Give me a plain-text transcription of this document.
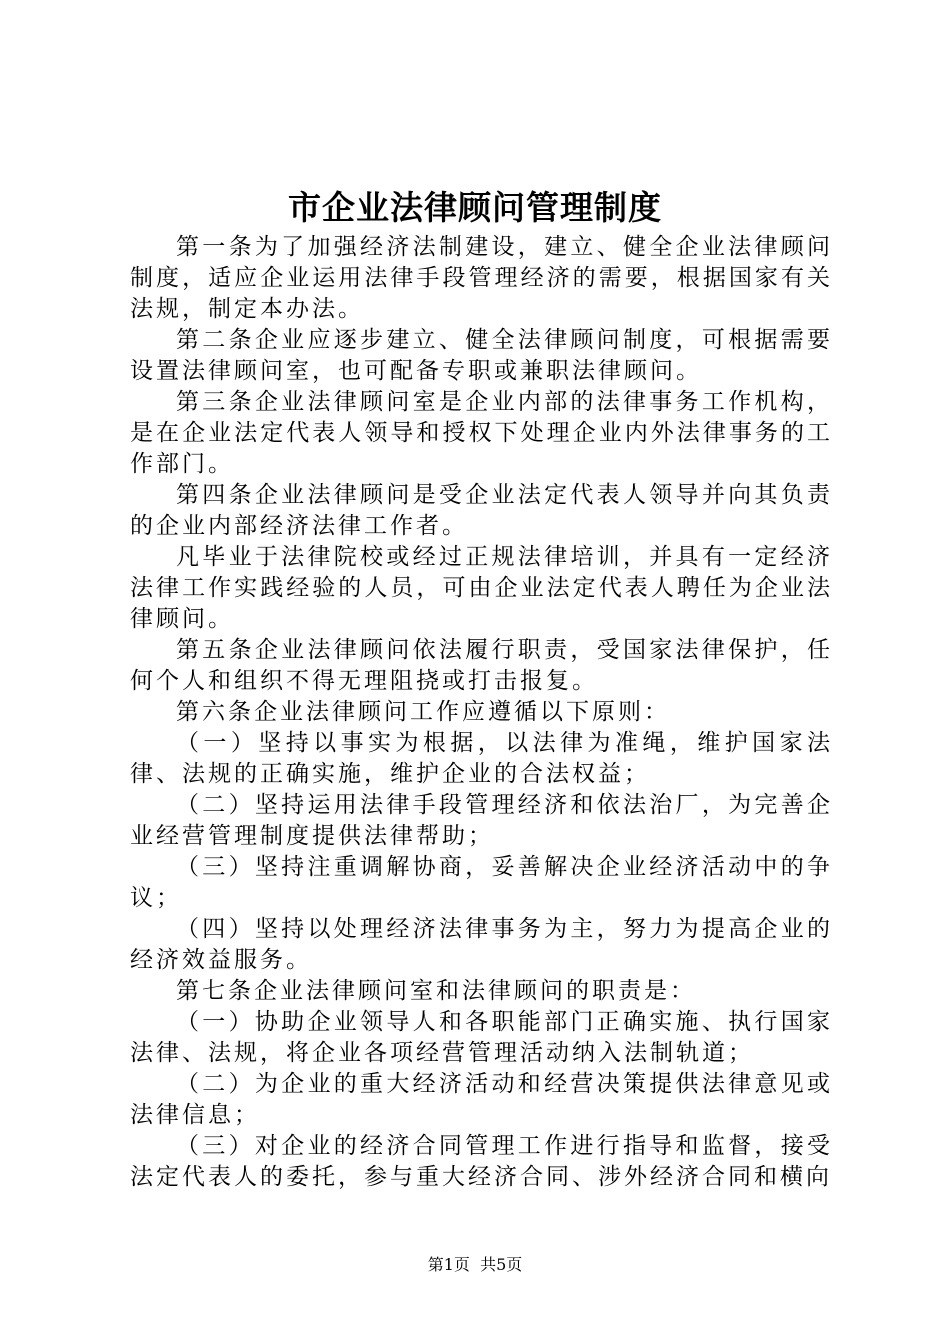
市企业法律顾问管理制度

第一条为了加强经济法制建设，建立、健全企业法律顾问制度，适应企业运用法律手段管理经济的需要，根据国家有关法规，制定本办法。

第二条企业应逐步建立、健全法律顾问制度，可根据需要设置法律顾问室，也可配备专职或兼职法律顾问。

第三条企业法律顾问室是企业内部的法律事务工作机构，是在企业法定代表人领导和授权下处理企业内外法律事务的工作部门。

第四条企业法律顾问是受企业法定代表人领导并向其负责的企业内部经济法律工作者。

凡毕业于法律院校或经过正规法律培训，并具有一定经济法律工作实践经验的人员，可由企业法定代表人聘任为企业法律顾问。

第五条企业法律顾问依法履行职责，受国家法律保护，任何个人和组织不得无理阻挠或打击报复。

第六条企业法律顾问工作应遵循以下原则：

（一）坚持以事实为根据，以法律为准绳，维护国家法律、法规的正确实施，维护企业的合法权益；

（二）坚持运用法律手段管理经济和依法治厂，为完善企业经营管理制度提供法律帮助；

（三）坚持注重调解协商，妥善解决企业经济活动中的争议；

（四）坚持以处理经济法律事务为主，努力为提高企业的经济效益服务。

第七条企业法律顾问室和法律顾问的职责是：

（一）协助企业领导人和各职能部门正确实施、执行国家法律、法规，将企业各项经营管理活动纳入法制轨道；

（二）为企业的重大经济活动和经营决策提供法律意见或法律信息；

（三）对企业的经济合同管理工作进行指导和监督，接受法定代表人的委托，参与重大经济合同、涉外经济合同和横向

第1页 共5页
